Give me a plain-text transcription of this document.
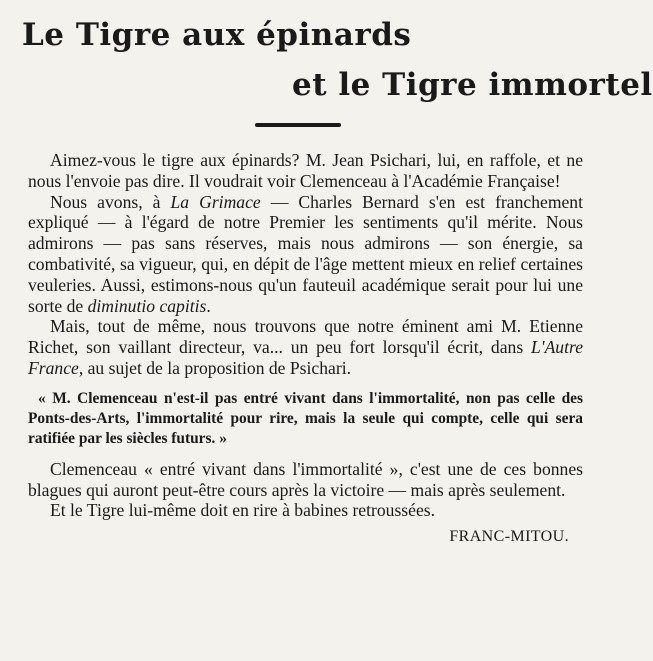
Le Tigre aux épinards
et le Tigre immortel

Aimez-vous le tigre aux épinards? M. Jean Psichari, lui, en raffole, et ne nous l'envoie pas dire. Il voudrait voir Clemenceau à l'Académie Française!

Nous avons, à La Grimace — Charles Bernard s'en est franchement expliqué — à l'égard de notre Premier les sentiments qu'il mérite. Nous admirons — pas sans réserves, mais nous admirons — son énergie, sa combativité, sa vigueur, qui, en dépit de l'âge mettent mieux en relief certaines veuleries. Aussi, estimons-nous qu'un fauteuil académique serait pour lui une sorte de diminutio capitis.

Mais, tout de même, nous trouvons que notre éminent ami M. Etienne Richet, son vaillant directeur, va... un peu fort lorsqu'il écrit, dans L'Autre France, au sujet de la proposition de Psichari.

« M. Clemenceau n'est-il pas entré vivant dans l'immortalité, non pas celle des Ponts-des-Arts, l'immortalité pour rire, mais la seule qui compte, celle qui sera ratifiée par les siècles futurs. »

Clemenceau « entré vivant dans l'immortalité », c'est une de ces bonnes blagues qui auront peut-être cours après la victoire — mais après seulement.

Et le Tigre lui-même doit en rire à babines retroussées.

FRANC-MITOU.
